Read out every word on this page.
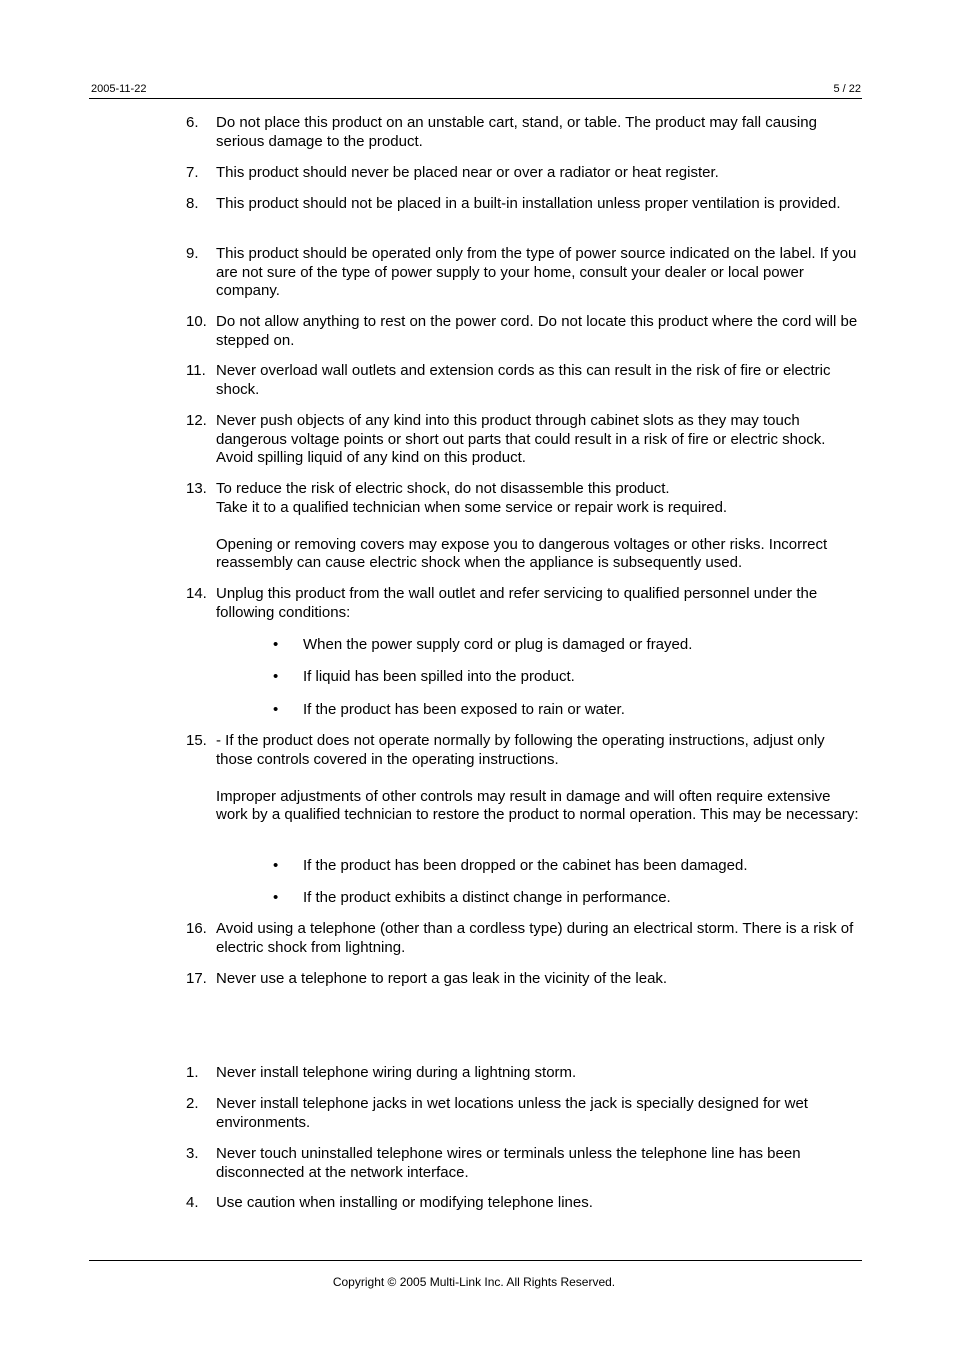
2005-11-22	5 / 22
6.	Do not place this product on an unstable cart, stand, or table. The product may fall causing serious damage to the product.

7.	This product should never be placed near or over a radiator or heat register.

8.	This product should not be placed in a built-in installation unless proper ventilation is provided.

9.	This product should be operated only from the type of power source indicated on the label. If you are not sure of the type of power supply to your home, consult your dealer or local power company.

10. Do not allow anything to rest on the power cord. Do not locate this product where the cord will be stepped on.

11. Never overload wall outlets and extension cords as this can result in the risk of fire or electric shock.

12. Never push objects of any kind into this product through cabinet slots as they may touch dangerous voltage points or short out parts that could result in a risk of fire or electric shock. Avoid spilling liquid of any kind on this product.

13. To reduce the risk of electric shock, do not disassemble this product.
Take it to a qualified technician when some service or repair work is required.
Opening or removing covers may expose you to dangerous voltages or other risks. Incorrect reassembly can cause electric shock when the appliance is subsequently used.
14. Unplug this product from the wall outlet and refer servicing to qualified personnel under the following conditions:

• When the power supply cord or plug is damaged or frayed.
• If liquid has been spilled into the product.
• If the product has been exposed to rain or water.
15. - If the product does not operate normally by following the operating instructions, adjust only those controls covered in the operating instructions.

Improper adjustments of other controls may result in damage and will often require extensive work by a qualified technician to restore the product to normal operation. This may be necessary:

• If the product has been dropped or the cabinet has been damaged.
• If the product exhibits a distinct change in performance.
16. Avoid using a telephone (other than a cordless type) during an electrical storm. There is a risk of electric shock from lightning.

17. Never use a telephone to report a gas leak in the vicinity of the leak.

1.	Never install telephone wiring during a lightning storm.

2.	Never install telephone jacks in wet locations unless the jack is specially designed for wet environments.

3.	Never touch uninstalled telephone wires or terminals unless the telephone line has been disconnected at the network interface.

4.	Use caution when installing or modifying telephone lines.

Copyright © 2005 Multi-Link Inc. All Rights Reserved.
